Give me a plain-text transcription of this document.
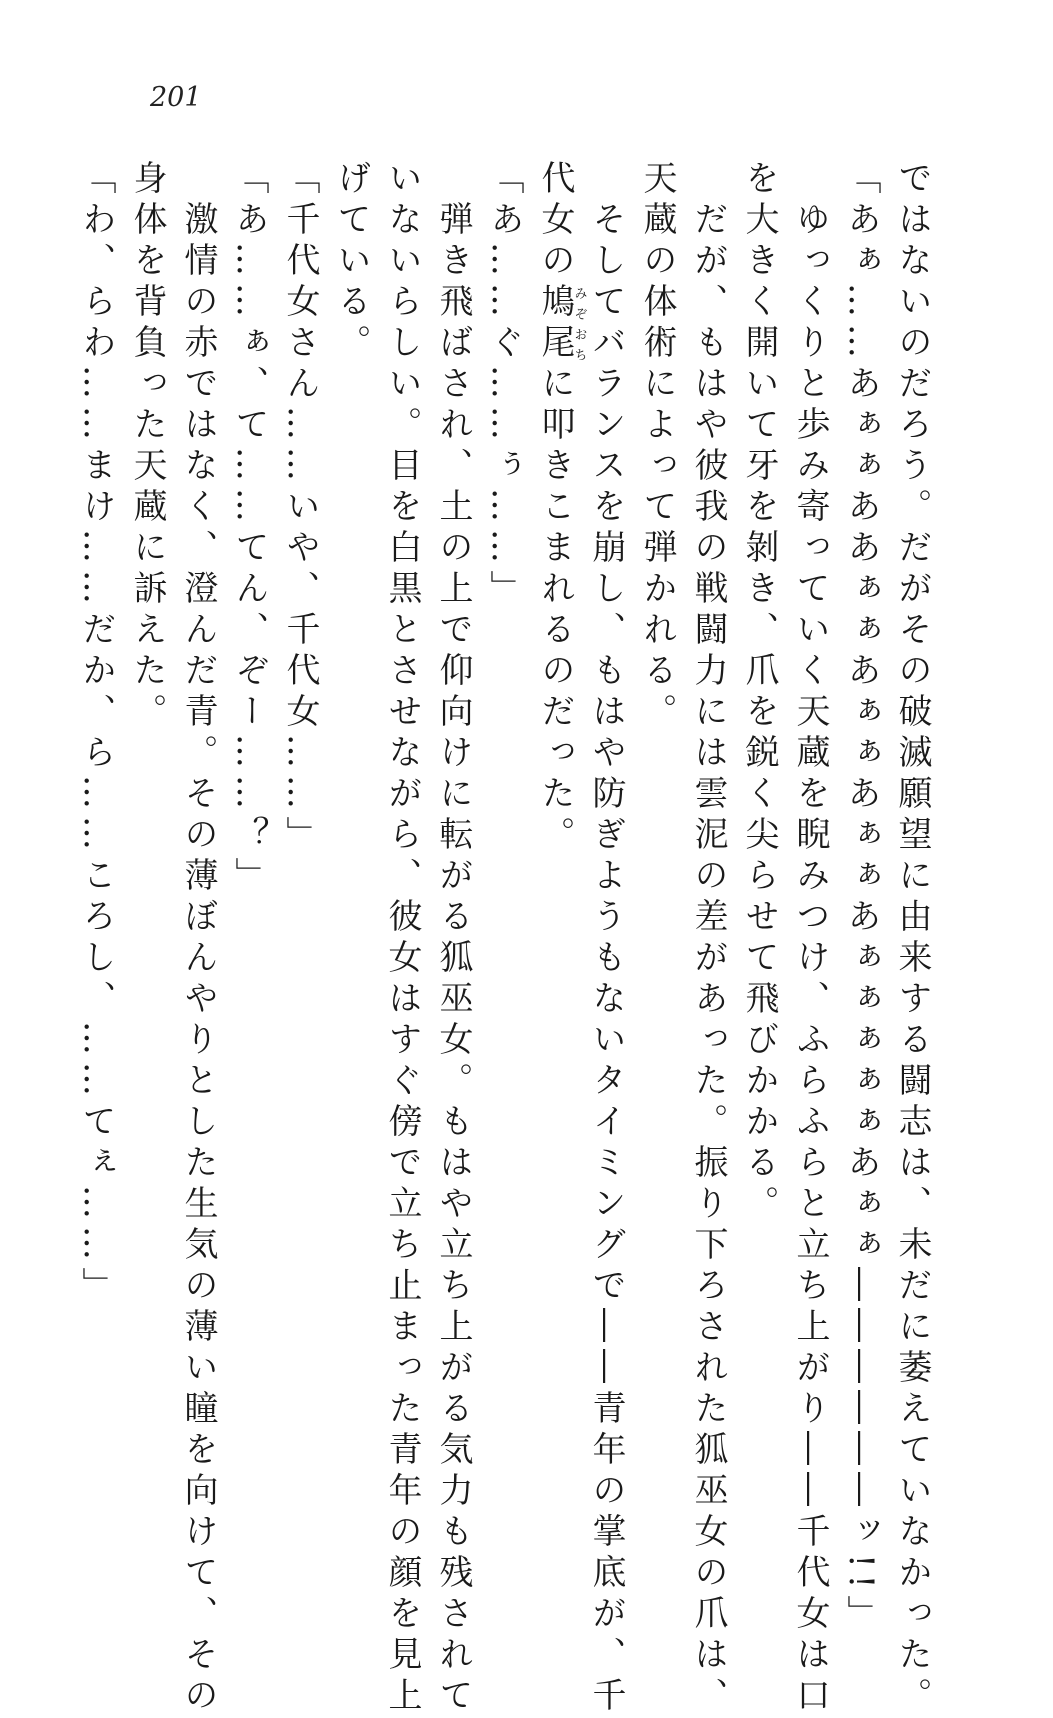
201
ではないのだろう。だがその破滅願望に由来する闘志は、未だに萎えていなかった。
「あぁ……あぁぁああぁぁあぁぁあぁぁあぁぁぁぁぁあぁぁ――――――ッ!!」
　ゆっくりと歩み寄っていく天蔵を睨みつけ、ふらふらと立ち上がり――千代女は口
を大きく開いて牙を剝き、爪を鋭く尖らせて飛びかかる。
　だが、もはや彼我の戦闘力には雲泥の差があった。振り下ろされた狐巫女の爪は、
天蔵の体術によって弾かれる。
　そしてバランスを崩し、もはや防ぎようもないタイミングで――青年の掌底が、千
代女の鳩尾みぞおちに叩きこまれるのだった。
「あ……ぐ……ぅ……」
　弾き飛ばされ、土の上で仰向けに転がる狐巫女。もはや立ち上がる気力も残されて
いないらしい。目を白黒とさせながら、彼女はすぐ傍で立ち止まった青年の顔を見上
げている。
「千代女さん……いや、千代女……」
「あ……ぁ、て……てん、ぞー……？」
　激情の赤ではなく、澄んだ青。その薄ぼんやりとした生気の薄い瞳を向けて、その
身体を背負った天蔵に訴えた。
「わ、らわ……まけ……だか、ら……ころし、……てぇ……」
